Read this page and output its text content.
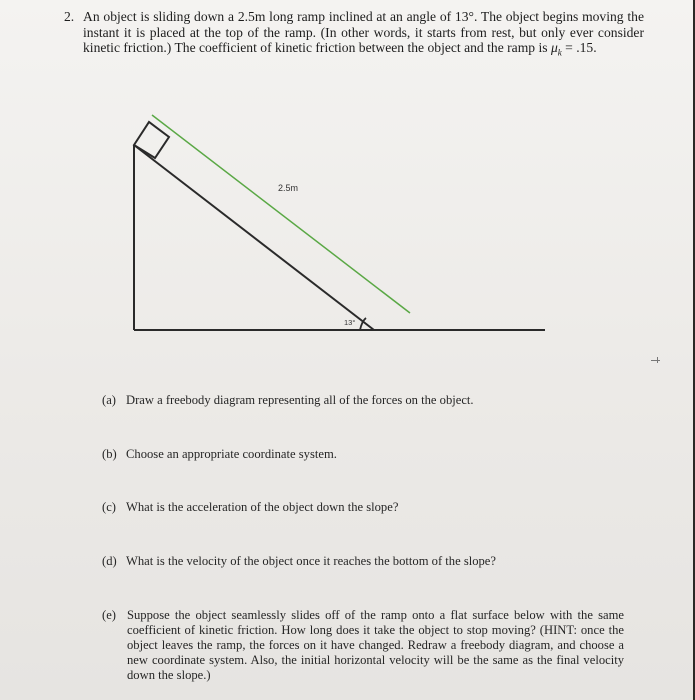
2. An object is sliding down a 2.5m long ramp inclined at an angle of 13°. The object begins moving the instant it is placed at the top of the ramp. (In other words, it starts from rest, but only ever consider kinetic friction.) The coefficient of kinetic friction between the object and the ramp is $\mu_k = .15$.
2.5m
13°
(a) Draw a freebody diagram representing all of the forces on the object.
(b) Choose an appropriate coordinate system.
(c) What is the acceleration of the object down the slope?
(d) What is the velocity of the object once it reaches the bottom of the slope?
(e) Suppose the object seamlessly slides off of the ramp onto a flat surface below with the same coefficient of kinetic friction. How long does it take the object to stop moving? (HINT: once the object leaves the ramp, the forces on it have changed. Redraw a freebody diagram, and choose a new coordinate system. Also, the initial horizontal velocity will be the same as the final velocity down the slope.)
